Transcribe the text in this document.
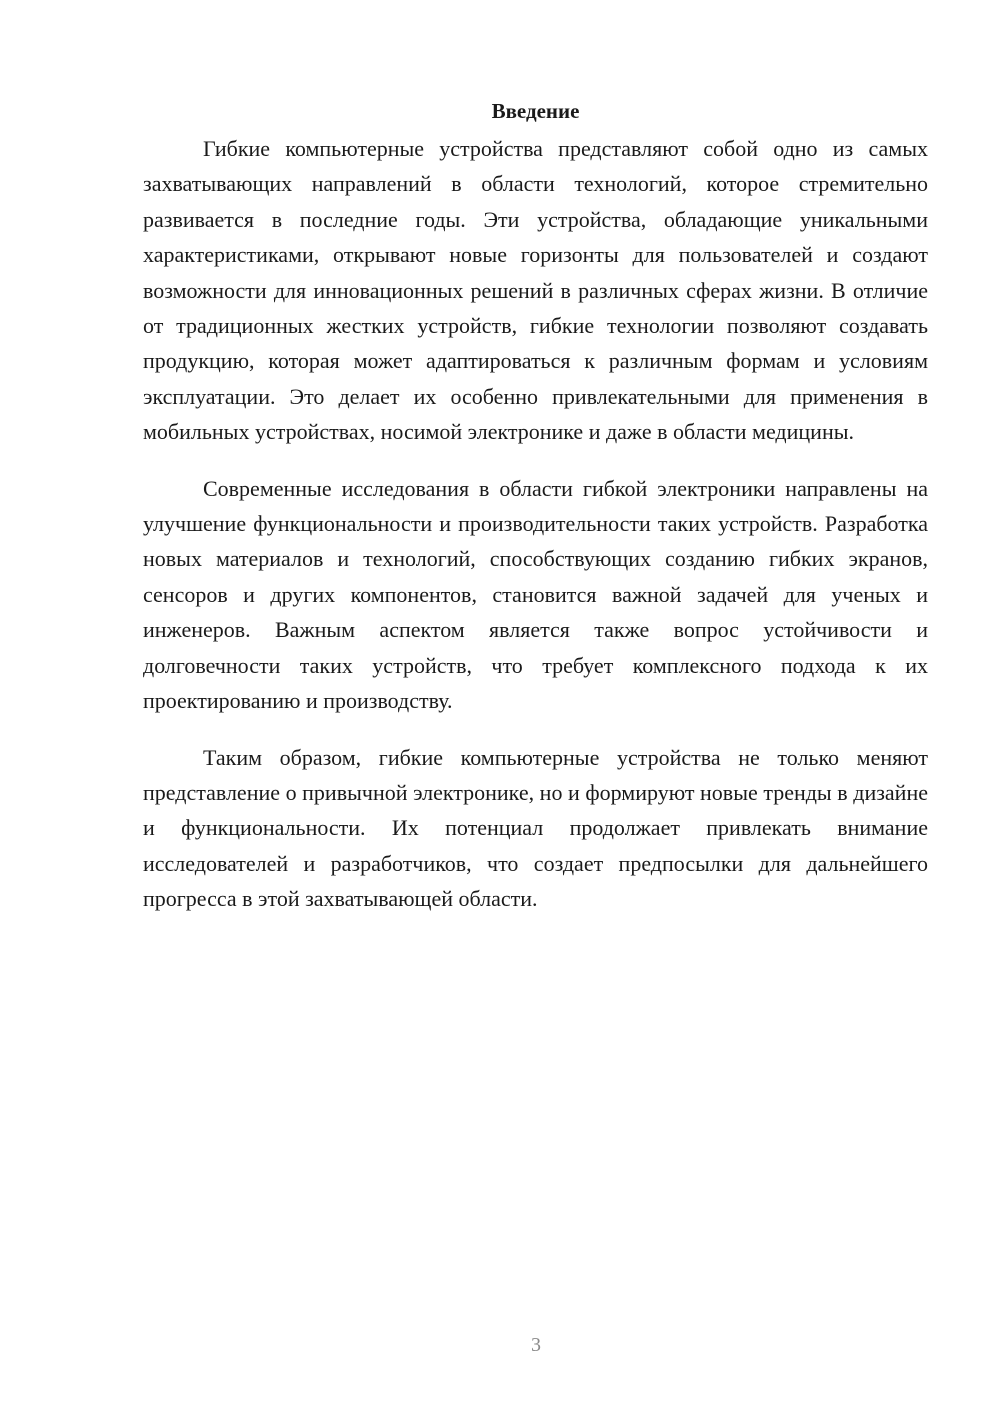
Введение

Гибкие компьютерные устройства представляют собой одно из самых захватывающих направлений в области технологий, которое стремительно развивается в последние годы. Эти устройства, обладающие уникальными характеристиками, открывают новые горизонты для пользователей и создают возможности для инновационных решений в различных сферах жизни. В отличие от традиционных жестких устройств, гибкие технологии позволяют создавать продукцию, которая может адаптироваться к различным формам и условиям эксплуатации. Это делает их особенно привлекательными для применения в мобильных устройствах, носимой электронике и даже в области медицины.

Современные исследования в области гибкой электроники направлены на улучшение функциональности и производительности таких устройств. Разработка новых материалов и технологий, способствующих созданию гибких экранов, сенсоров и других компонентов, становится важной задачей для ученых и инженеров. Важным аспектом является также вопрос устойчивости и долговечности таких устройств, что требует комплексного подхода к их проектированию и производству.

Таким образом, гибкие компьютерные устройства не только меняют представление о привычной электронике, но и формируют новые тренды в дизайне и функциональности. Их потенциал продолжает привлекать внимание исследователей и разработчиков, что создает предпосылки для дальнейшего прогресса в этой захватывающей области.

3
